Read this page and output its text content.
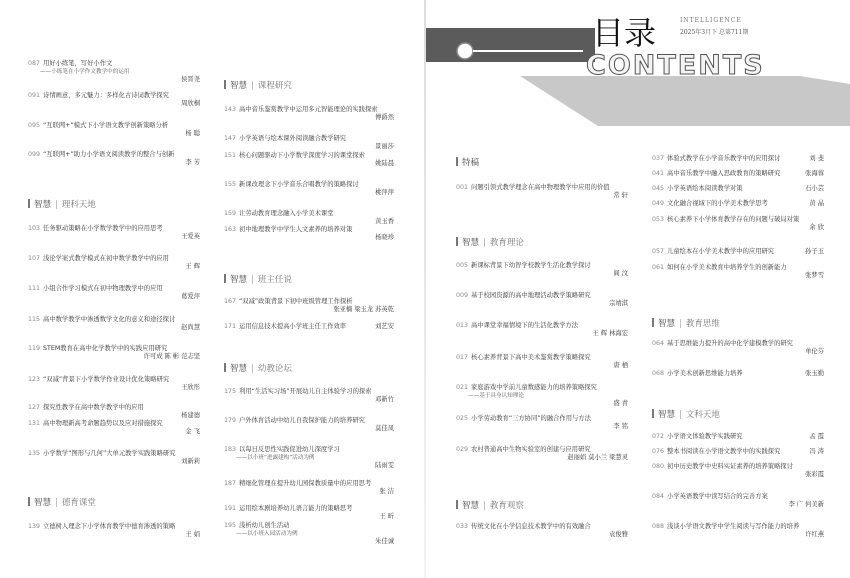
目录	INTELLIGENCE
2025年3月下 总第711期
CONTENTS
智慧 | 理科天地
智慧 | 德育课堂
智慧 | 课程研究
智慧 | 班主任说
智慧 | 幼教论坛
特稿
智慧 | 教育理论
智慧 | 教育观察
智慧 | 教育思维
智慧 | 文科天地
087 用好小练笔，写好小作文
——小练笔在小学作文教学中的运用
侯晋尧
091 诗情画意，多元魅力：多样化古诗词教学探究
周欣桐
095 “互联网+”模式下小学语文教学创新策略分析
杨 聪
099 “互联网+”助力小学语文阅读教学的整合与创新
李 芳
103 任务驱动策略在小学数学教学中的应用思考
王爱英
107 浅论学案式教学模式在初中数学教学中的应用
王 辉
111 小组合作学习模式在初中物理教学中的应用
葛爱萍
115 高中数学教学中渗透数学文化的意义和途径探讨
赵尚慧
119 STEM教育在高中化学教学中的实践应用研究
许可成 陈 彬 范志坚
123 “双减”背景下小学数学作业设计优化策略研究
王欣彤
127 探究性教学在高中数学教学中的应用
杨建德
131 高中物理新高考命题趋势以及应对措施探究
金 飞
135 小学数学“图形与几何”大单元教学实践策略研究
刘新莉
139 立德树人理念下小学体育教学中德育渗透的策略
王 娟
143 高中音乐鉴赏教学中运用多元智能理论的实践探索
傅爵然
147 小学英语与绘本课外阅读融合教学研究
景丽莎
151 核心问题驱动下小学数学深度学习的课堂探索
姚陆晨
155 新课改理念下小学音乐合唱教学的策略探讨
桃萍萍
159 让劳动教育理念融入小学美术课堂
黄玉香
163 初中地理教学中学生人文素养的培养对策
杨晓珍
167 “双减”政策背景下初中班级管理工作探析
张亚楠 梁玉龙 苏英乾
171 运用信息技术提高小学班主任工作效率	刘艺安
175 利用“生活实习场”开展幼儿自主体验学习的探索
邓新竹
179 户外体育活动中幼儿自我保护能力的培养研究
莫佳凤
183 以每日反思性实践促进幼儿深度学习
——以小班“进露建构”活动为例
陆雨雯
187 精细化管理在提升幼儿园保教质量中的应用思考
张 洁
191 运用绘本剧培养幼儿语言能力的策略思考
王 昕
195 浅析幼儿创生活动
——以小班入园活动为例
朱佳诚
001 问题引领式教学理念在高中物理教学中应用的价值
常 轩
005 新课标背景下幼智学校教学生活化教学探讨
阎 汶
009 基于校园资源的高中地理活动教学策略研究
宗靖淇
013 高中课堂幸福情境下的生活化教学方法
王 辉 林海宏
017 核心素养背景下高中美术鉴赏教学策略探究
唐 栖
021 家庭游戏中学前儿童数感能力的培养策略探究
——基于具身认知理论
盛 青
025 小学劳动教育“三方协同”的融合作用与方法
李 铭
029 农村普通高中生物实验室的创建与应用研究
赵丽娟 莫小兰 梁慧灵
033 传统文化在小学信息技术教学中的有效融合
袁俊雅
037 体验式教学在小学音乐教学中的应用探讨	刘 斐
041 高中音乐教学中融入思政教育的策略研究	张海蓉
045 小学英语绘本阅读教学对策	石小芸
049 文化融合视域下的小学美术教学思考	黄 晶
053 核心素养下小学体育教学存在的问题与破局对策
余 欣
057 儿童绘本在小学美术教学中的应用研究	孙子玉
061 如何在小学美术教育中培养学生的创新能力
张梦雪
064 基于思维能力提升的高中化学建模教学的研究
单伦芬
068 小学美术创新思维能力培养	张玉勤
072 小学语文体验教学实践研究	孟 霞
076 整本书阅读在小学语文教学中的实践探究	冯 涛
080 初中历史教学中史料实证素养的培养策略探讨
张彩霞
084 小学英语教学中读写结合的完善方案
李 广 何美新
088 浅谈小学语文教学中学生阅读与写作能力的培养
许红燕
